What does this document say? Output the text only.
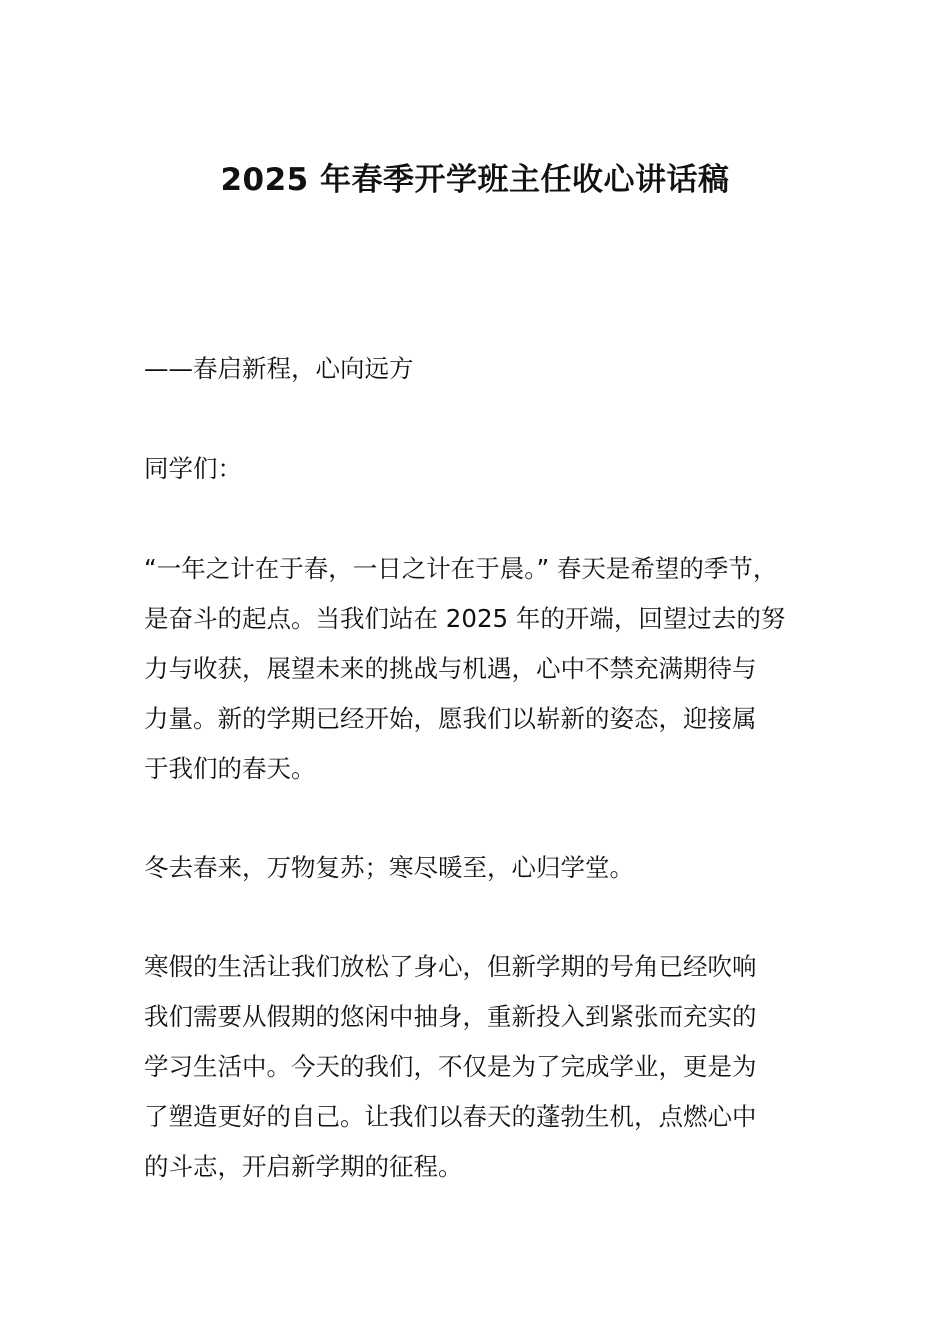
2025 年春季开学班主任收心讲话稿

——春启新程，心向远方

同学们：

“一年之计在于春，一日之计在于晨。” 春天是希望的季节，
是奋斗的起点。当我们站在 2025 年的开端，回望过去的努
力与收获，展望未来的挑战与机遇，心中不禁充满期待与
力量。新的学期已经开始，愿我们以崭新的姿态，迎接属
于我们的春天。

冬去春来，万物复苏；寒尽暖至，心归学堂。

寒假的生活让我们放松了身心，但新学期的号角已经吹响
我们需要从假期的悠闲中抽身，重新投入到紧张而充实的
学习生活中。今天的我们，不仅是为了完成学业，更是为
了塑造更好的自己。让我们以春天的蓬勃生机，点燃心中
的斗志，开启新学期的征程。
